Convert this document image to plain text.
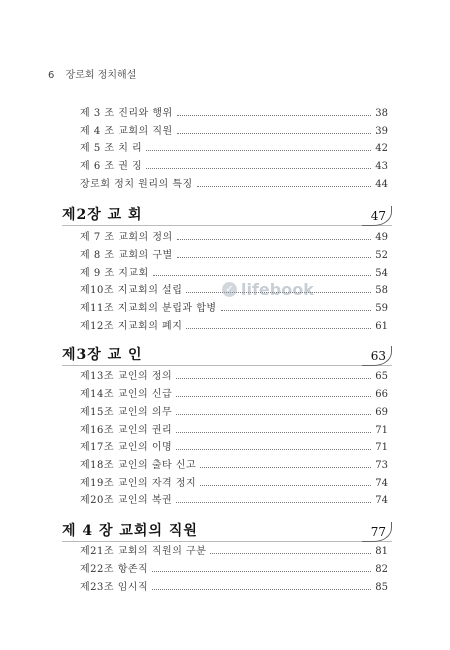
6 장로회 정치해설
제 3 조 진리와 행위	38
제 4 조 교회의 직원	39
제 5 조 치 리	42
제 6 조 권 징	43
장로회 정치 원리의 특징	44
제2장 교 회	47
제 7 조 교회의 정의	49
제 8 조 교회의 구별	52
제 9 조 지교회	54
제10조 지교회의 설립	58
제11조 지교회의 분립과 합병	59
제12조 지교회의 폐지	61
제3장 교 인	63
제13조 교인의 정의	65
제14조 교인의 신급	66
제15조 교인의 의무	69
제16조 교인의 권리	71
제17조 교인의 이명	71
제18조 교인의 출타 신고	73
제19조 교인의 자격 정지	74
제20조 교인의 복권	74
제 4 장 교회의 직원	77
제21조 교회의 직원의 구분	81
제22조 항존직	82
제23조 임시직	85
✓ lifebook
